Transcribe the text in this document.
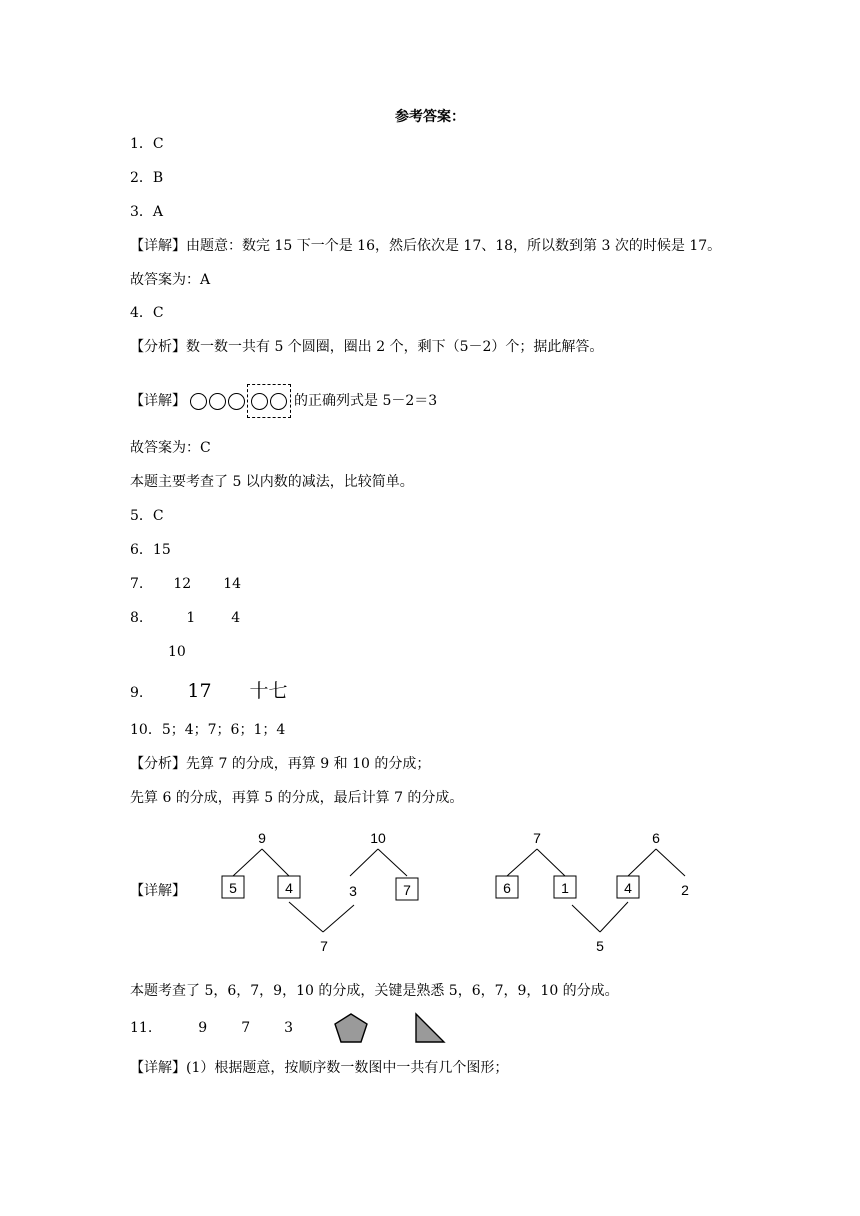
参考答案：
1．C
2．B
3．A
【详解】由题意：数完 15 下一个是 16，然后依次是 17、18，所以数到第 3 次的时候是 17。
故答案为：A
4．C
【分析】数一数一共有 5 个圆圈，圈出 2 个，剩下（5－2）个；据此解答。
【详解】	的正确列式是 5－2＝3
故答案为：C
本题主要考查了 5 以内数的减法，比较简单。
5．C
6．15
7. 12 14
8.	1	4
10
9. 17 十七
10．5；4；7；6；1；4
【分析】先算 7 的分成，再算 9 和 10 的分成；
先算 6 的分成，再算 5 的分成，最后计算 7 的分成。
【详解】
9
5	4
10
3	7
7
7
6	1
6
4	2
5
本题考查了 5，6，7，9，10 的分成，关键是熟悉 5，6，7，9，10 的分成。
11.	9 7 3
【详解】(1）根据题意，按顺序数一数图中一共有几个图形；
